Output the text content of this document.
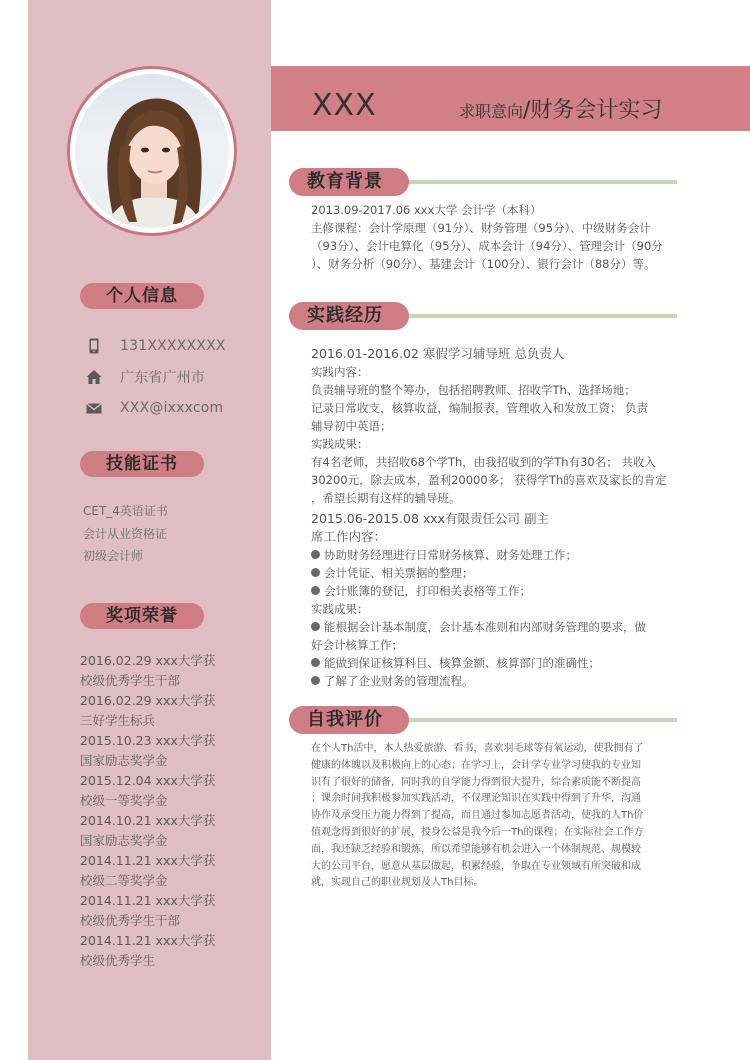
个人信息
131XXXXXXXX
广东省广州市
XXX@ixxxcom
技能证书
CET_4英语证书
会计从业资格证
初级会计师
奖项荣誉
2016.02.29 xxx大学获
校级优秀学生干部
2016.02.29 xxx大学获
三好学生标兵
2015.10.23 xxx大学获
国家励志奖学金
2015.12.04 xxx大学获
校级一等奖学金
2014.10.21 xxx大学获
国家励志奖学金
2014.11.21 xxx大学获
校级二等奖学金
2014.11.21 xxx大学获
校级优秀学生干部
2014.11.21 xxx大学获
校级优秀学生
XXX	求职意向/财务会计实习
教育背景
2013.09-2017.06 xxx大学 会计学（本科）
主修课程：会计学原理（91分）、财务管理（95分）、中级财务会计
（93分）、会计电算化（95分）、成本会计（94分）、管理会计（90分
）、财务分析（90分）、基建会计（100分）、银行会计（88分）等。
实践经历
2016.01-2016.02 寒假学习辅导班 总负责人
实践内容：
负责辅导班的整个筹办，包括招聘教师、招收学Th、选择场地；
记录日常收支，核算收益，编制报表，管理收入和发放工资； 负责
辅导初中英语；
实践成果：
有4名老师，共招收68个学Th，由我招收到的学Th有30名； 共收入
30200元，除去成本，盈利20000多； 获得学Th的喜欢及家长的肯定
，希望长期有这样的辅导班。
2015.06-2015.08 xxx有限责任公司 副主
席工作内容：
协助财务经理进行日常财务核算、财务处理工作；
会计凭证、相关票据的整理；
会计账簿的登记，打印相关表格等工作；
实践成果：
能根据会计基本制度，会计基本准则和内部财务管理的要求，做
好会计核算工作；
能做到保证核算科目、核算金额、核算部门的准确性；
了解了企业财务的管理流程。
自我评价
在个人Th活中，本人热爱旅游、看书，喜欢羽毛球等有氧运动，使我拥有了
健康的体魄以及积极向上的心态；在学习上，会计学专业学习使我的专业知
识有了很好的储备，同时我的自学能力得到很大提升，综合素质能不断提高
；课余时间我积极参加实践活动，不仅理论知识在实践中得到了升华，沟通
协作及承受压力能力得到了提高，而且通过参加志愿者活动，使我的人Th价
值观念得到很好的扩展，投身公益是我今后一Th的课程；在实际社会工作方
面，我还缺乏经验和锻炼，所以希望能够有机会进入一个体制规范、规模较
大的公司平台，愿意从基层做起，积累经验，争取在专业领域有所突破和成
就，实现自己的职业规划及人Th目标。
